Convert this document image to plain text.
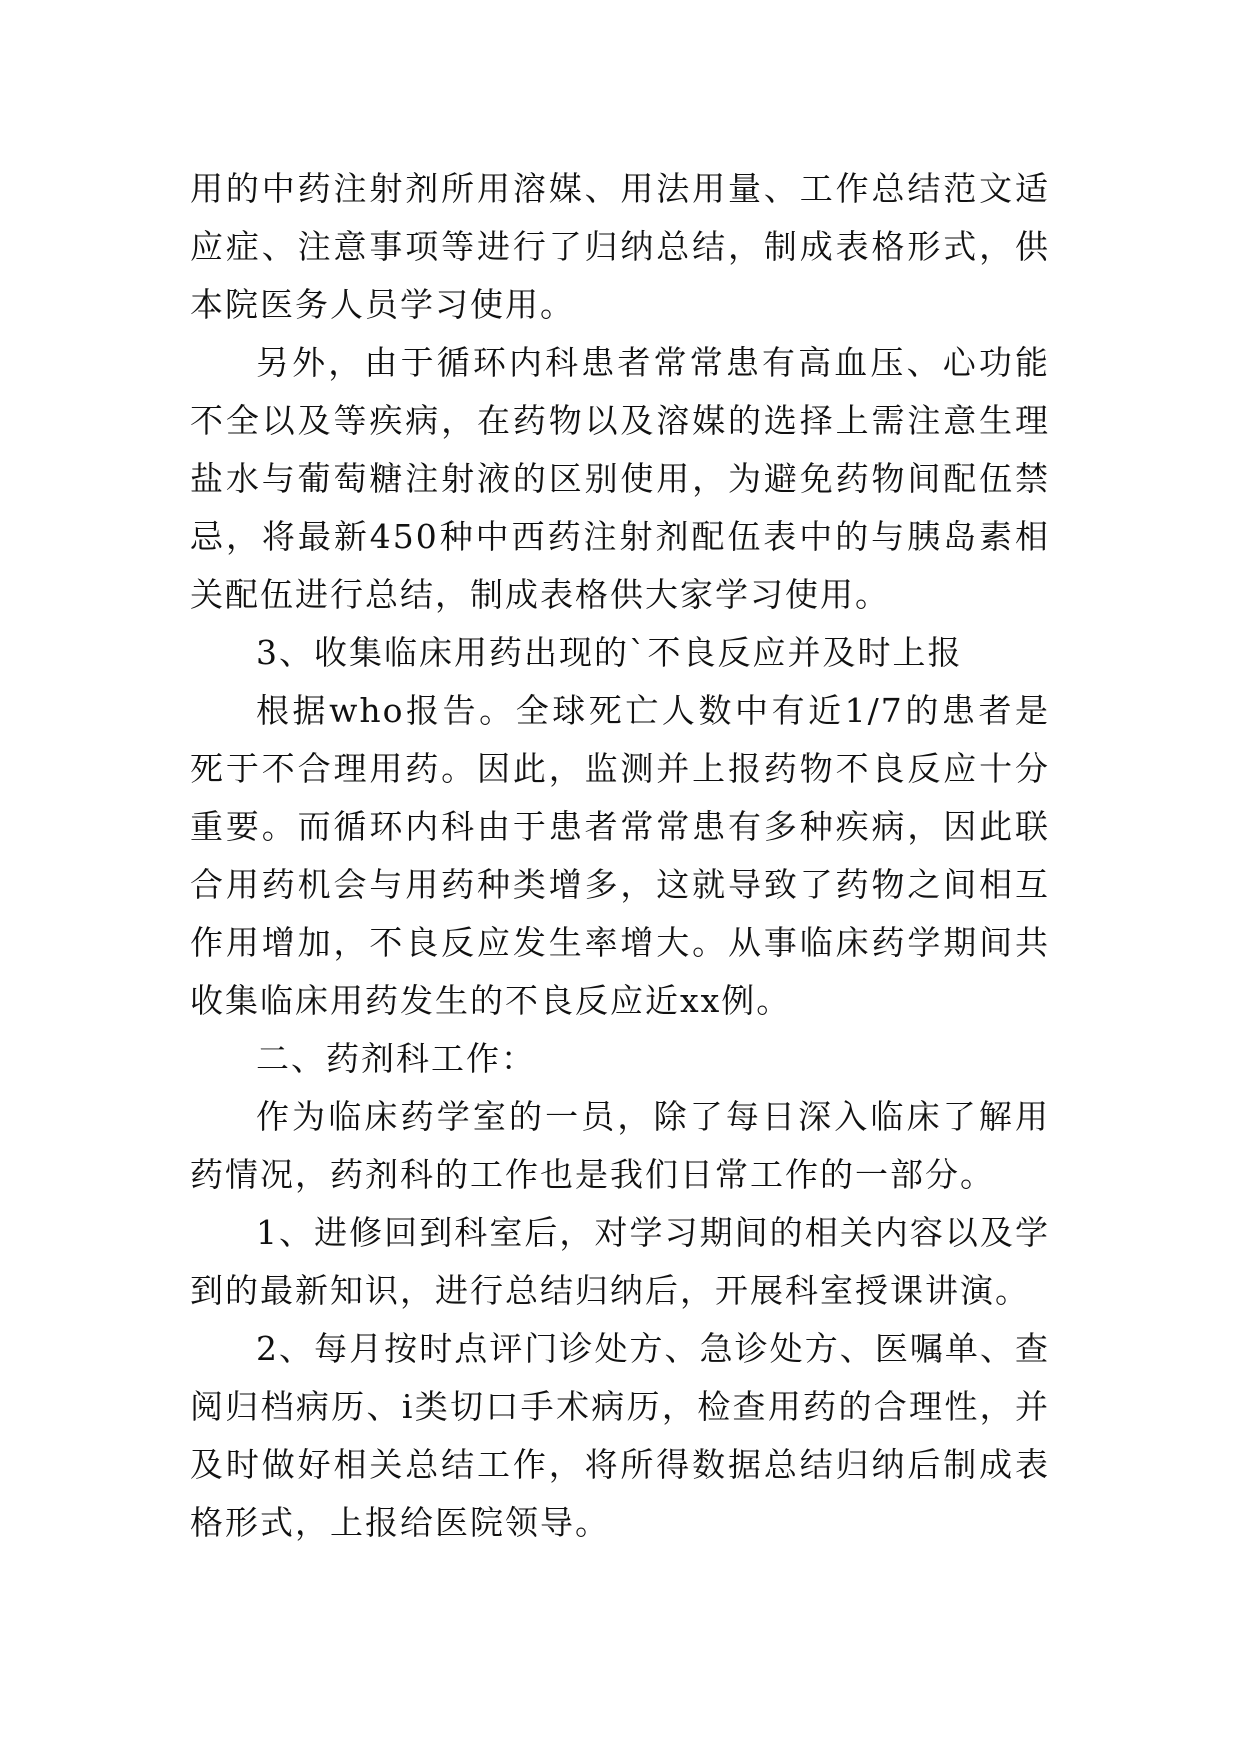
用的中药注射剂所用溶媒、用法用量、工作总结范文适应症、注意事项等进行了归纳总结，制成表格形式，供本院医务人员学习使用。

另外，由于循环内科患者常常患有高血压、心功能不全以及等疾病，在药物以及溶媒的选择上需注意生理盐水与葡萄糖注射液的区别使用，为避免药物间配伍禁忌，将最新450种中西药注射剂配伍表中的与胰岛素相关配伍进行总结，制成表格供大家学习使用。

3、收集临床用药出现的`不良反应并及时上报

根据who报告。全球死亡人数中有近1/7的患者是死于不合理用药。因此，监测并上报药物不良反应十分重要。而循环内科由于患者常常患有多种疾病，因此联合用药机会与用药种类增多，这就导致了药物之间相互作用增加，不良反应发生率增大。从事临床药学期间共收集临床用药发生的不良反应近xx例。

二、药剂科工作：

作为临床药学室的一员，除了每日深入临床了解用药情况，药剂科的工作也是我们日常工作的一部分。

1、进修回到科室后，对学习期间的相关内容以及学到的最新知识，进行总结归纳后，开展科室授课讲演。

2、每月按时点评门诊处方、急诊处方、医嘱单、查阅归档病历、i类切口手术病历，检查用药的合理性，并及时做好相关总结工作，将所得数据总结归纳后制成表格形式，上报给医院领导。
